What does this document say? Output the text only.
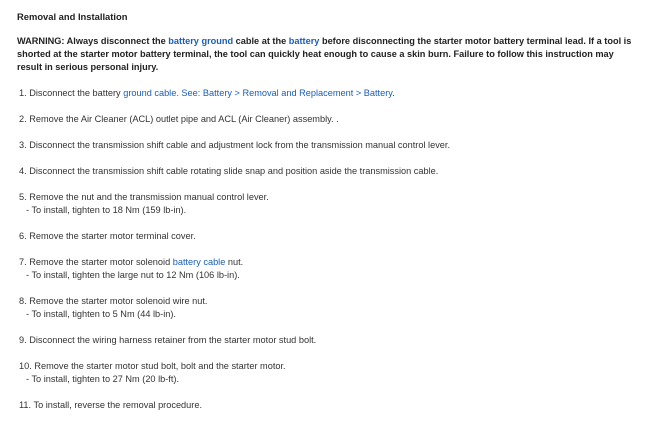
Removal and Installation

WARNING: Always disconnect the battery ground cable at the battery before disconnecting the starter motor battery terminal lead. If a tool is shorted at the starter motor battery terminal, the tool can quickly heat enough to cause a skin burn. Failure to follow this instruction may result in serious personal injury.

1. Disconnect the battery ground cable. See: Battery > Removal and Replacement > Battery.
2. Remove the Air Cleaner (ACL) outlet pipe and ACL (Air Cleaner) assembly. .
3. Disconnect the transmission shift cable and adjustment lock from the transmission manual control lever.
4. Disconnect the transmission shift cable rotating slide snap and position aside the transmission cable.
5. Remove the nut and the transmission manual control lever.
- To install, tighten to 18 Nm (159 lb-in).
6. Remove the starter motor terminal cover.
7. Remove the starter motor solenoid battery cable nut.
- To install, tighten the large nut to 12 Nm (106 lb-in).
8. Remove the starter motor solenoid wire nut.
- To install, tighten to 5 Nm (44 lb-in).
9. Disconnect the wiring harness retainer from the starter motor stud bolt.
10. Remove the starter motor stud bolt, bolt and the starter motor.
- To install, tighten to 27 Nm (20 lb-ft).
11. To install, reverse the removal procedure.
